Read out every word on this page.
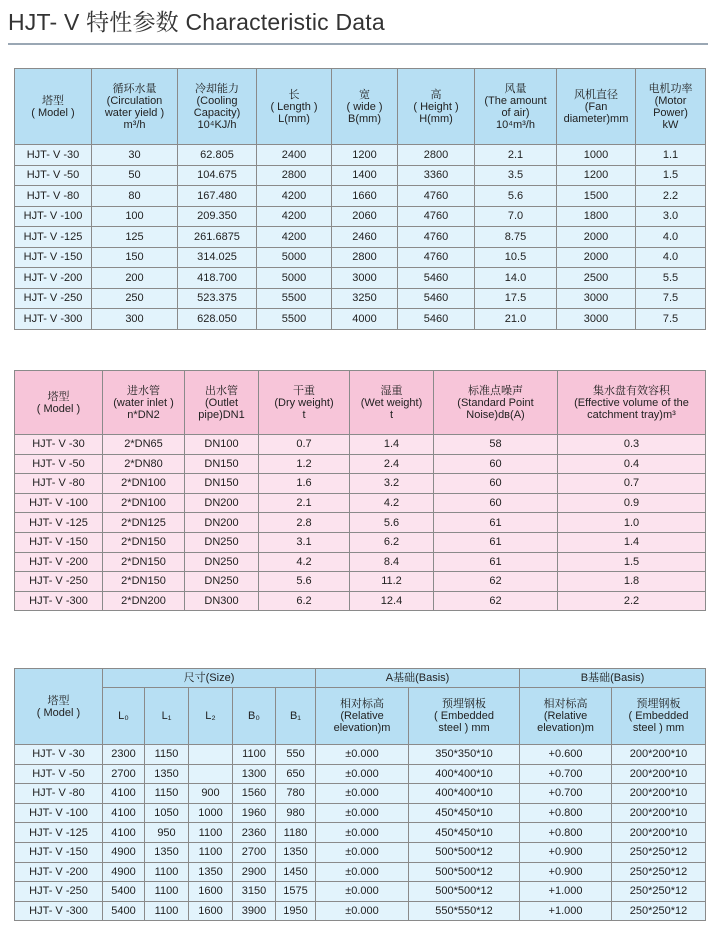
HJT- V 特性参数 Characteristic Data
塔型
( Model )	循环水量
(Circulation
water yield )
m³/h	冷却能力
(Cooling
Capacity)
10⁴KJ/h	长
( Length )
L(mm)	宽
( wide )
B(mm)	高
( Height )
H(mm)	风量
(The amount
of air)
10⁴m³/h	风机直径
(Fan
diameter)mm	电机功率
(Motor
Power)
kW

HJT- V -30	30	62.805	2400	1200	2800	2.1	1000	1.1
HJT- V -50	50	104.675	2800	1400	3360	3.5	1200	1.5
HJT- V -80	80	167.480	4200	1660	4760	5.6	1500	2.2
HJT- V -100	100	209.350	4200	2060	4760	7.0	1800	3.0
HJT- V -125	125	261.6875	4200	2460	4760	8.75	2000	4.0
HJT- V -150	150	314.025	5000	2800	4760	10.5	2000	4.0
HJT- V -200	200	418.700	5000	3000	5460	14.0	2500	5.5
HJT- V -250	250	523.375	5500	3250	5460	17.5	3000	7.5
HJT- V -300	300	628.050	5500	4000	5460	21.0	3000	7.5
塔型
( Model )	进水管
(water inlet )
n*DN2	出水管
(Outlet
pipe)DN1	干重
(Dry weight)
t	湿重
(Wet weight)
t	标准点噪声
(Standard Point
Noise)dʙ(A)	集水盘有效容积
(Effective volume of the
catchment tray)m³

HJT- V -30	2*DN65	DN100	0.7	1.4	58	0.3
HJT- V -50	2*DN80	DN150	1.2	2.4	60	0.4
HJT- V -80	2*DN100	DN150	1.6	3.2	60	0.7
HJT- V -100	2*DN100	DN200	2.1	4.2	60	0.9
HJT- V -125	2*DN125	DN200	2.8	5.6	61	1.0
HJT- V -150	2*DN150	DN250	3.1	6.2	61	1.4
HJT- V -200	2*DN150	DN250	4.2	8.4	61	1.5
HJT- V -250	2*DN150	DN250	5.6	11.2	62	1.8
HJT- V -300	2*DN200	DN300	6.2	12.4	62	2.2
塔型
( Model )	尺寸(Size)					A基础(Basis)		B基础(Basis)	

	L₀	L₁	L₂	B₀	B₁	相对标高
(Relative
elevation)m	预埋钢板
( Embedded
steel ) mm	相对标高
(Relative
elevation)m	预埋钢板
( Embedded
steel ) mm

HJT- V -30	2300	1150		1100	550	±0.000	350*350*10	+0.600	200*200*10
HJT- V -50	2700	1350		1300	650	±0.000	400*400*10	+0.700	200*200*10
HJT- V -80	4100	1150	900	1560	780	±0.000	400*400*10	+0.700	200*200*10
HJT- V -100	4100	1050	1000	1960	980	±0.000	450*450*10	+0.800	200*200*10
HJT- V -125	4100	950	1100	2360	1180	±0.000	450*450*10	+0.800	200*200*10
HJT- V -150	4900	1350	1100	2700	1350	±0.000	500*500*12	+0.900	250*250*12
HJT- V -200	4900	1100	1350	2900	1450	±0.000	500*500*12	+0.900	250*250*12
HJT- V -250	5400	1100	1600	3150	1575	±0.000	500*500*12	+1.000	250*250*12
HJT- V -300	5400	1100	1600	3900	1950	±0.000	550*550*12	+1.000	250*250*12
